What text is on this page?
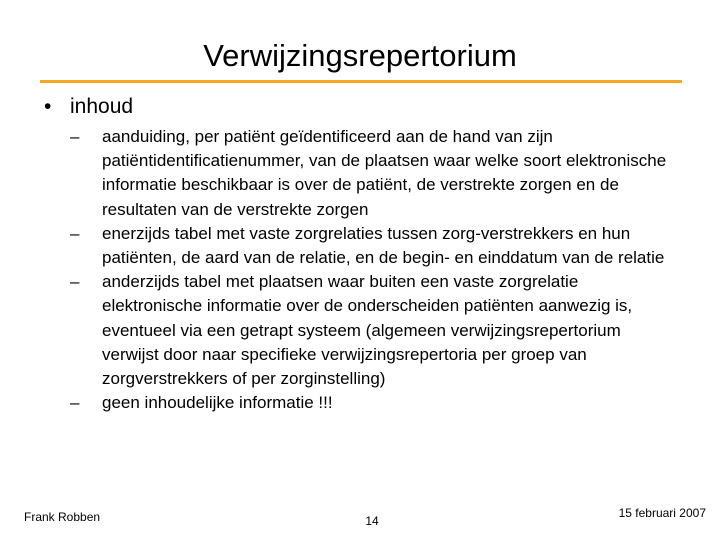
Verwijzingsrepertorium
• inhoud
–	aanduiding, per patiënt geïdentificeerd aan de hand van zijn patiëntidentificatienummer, van de plaatsen waar welke soort elektronische informatie beschikbaar is over de patiënt, de verstrekte zorgen en de resultaten van de verstrekte zorgen
–	enerzijds tabel met vaste zorgrelaties tussen zorg-verstrekkers en hun patiënten, de aard van de relatie, en de begin- en einddatum van de relatie
–	anderzijds tabel met plaatsen waar buiten een vaste zorgrelatie elektronische informatie over de onderscheiden patiënten aanwezig is, eventueel via een getrapt systeem (algemeen verwijzingsrepertorium verwijst door naar specifieke verwijzingsrepertoria per groep van zorgverstrekkers of per zorginstelling)
–	geen inhoudelijke informatie !!!
Frank Robben	14
15 februari 2007
